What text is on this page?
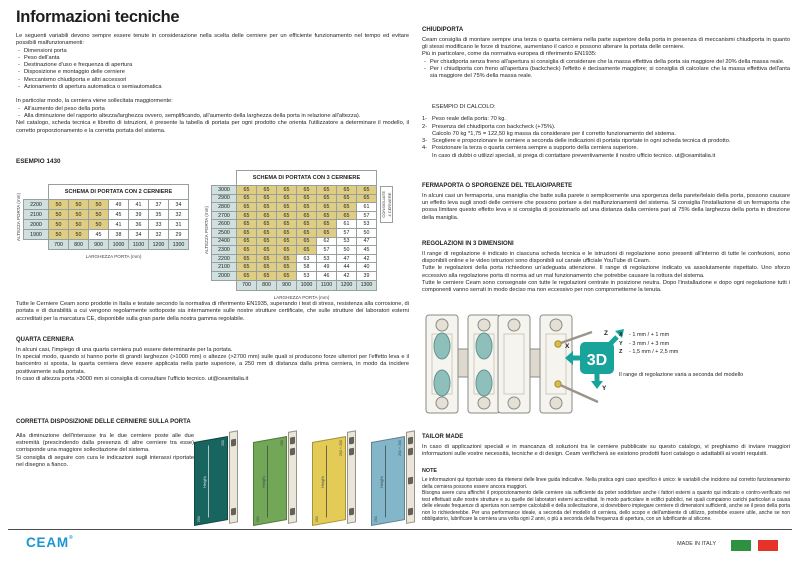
Informazioni tecniche
Le seguenti variabili devono sempre essere tenute in considerazione nella scelta delle cerniere per un efficiente funzionamento nel tempo ed evitare possibili malfunzionamenti:
- Dimensioni porta
- Peso dell'anta
- Destinazione d'uso e frequenza di apertura
- Disposizione e montaggio delle cerniere
- Meccanismo chiudiporta e altri accessori
- Azionamento di apertura automatica o semiautomatica
In particolar modo, la cerniera viene sollecitata maggiormente:
- All'aumento del peso della porta
- Alla diminuzione del rapporto altezza/larghezza ovvero, semplificando, all'aumento della larghezza della porta in relazione all'altezza).
Nel catalogo, scheda tecnica e libretto di istruzioni, è presente la tabella di portata per ogni prodotto che orienta l'utilizzatore a determinare il modello, il corretto proporzionamento e la corretta portata del sistema.
ESEMPIO 1430
ALTEZZA PORTA (mm)
	SCHEMA DI PORTATA CON 2 CERNIERE						
2200	50	50	50	49	41	37	34
2100	50	50	50	45	39	35	32
2000	50	50	50	41	36	33	31
1900	50	50	45	38	34	32	29
	700	800	900	1000	1100	1200	1300
LARGHEZZA PORTA (mm)
ALTEZZA PORTA (mm)
	SCHEMA DI PORTATA CON 3 CERNIERE						
3000	65	65	65	65	65	65	65
2900	65	65	65	65	65	65	65
2800	65	65	65	65	65	65	61
2700	65	65	65	65	65	65	57
2600	65	65	65	65	65	61	53
2500	65	65	65	65	65	57	50
2400	65	65	65	65	62	53	47
2300	65	65	65	65	57	50	45
2200	65	65	65	63	53	47	42
2100	65	65	65	58	49	44	40
2000	65	65	65	53	46	42	39
	700	800	900	1000	1100	1200	1300
CONSIGLIATE 4 CERNIERE
LARGHEZZA PORTA (mm)
Tutte le Cerniere Ceam sono prodotte in Italia e testate secondo la normativa di riferimento EN1935, superando i test di stress, resistenza alla corrosione, di portata e di durabilità a cui vengono regolarmente sottoposte sia internamente sulle nostre strutture certificate, che sulle strutture dei laboratori esterni accreditati per la marcatura CE, disponibile sulla gran parte della nostra gamma regolabile.
QUARTA CERNIERA
In alcuni casi, l'impiego di una quarta cerniera può essere determinante per la portata.
In special modo, quando si hanno porte di grandi larghezze (>1000 mm) o altezze (>2700 mm) sulle quali si producono forze ulteriori per l'effetto leva e il baricentro si sposta, la quarta cerniera deve essere applicata nella parte superiore, a 250 mm di distanza dalla prima cerniera, in modo da incidere positivamente sulla portata.
In caso di altezza porta >3000 mm si consiglia di consultare l'ufficio tecnico. ut@ceamitalia.it
CORRETTA DISPOSIZIONE DELLE CERNIERE SULLA PORTA
Alla diminuzione dell'interasse tra le due cerniere poste alle due estremità (prescindendo dalla presenza di altre cerniere tra esse) corrisponde una maggiore sollecitazione del sistema.
Si consiglia di seguire con cura le indicazioni sugli interassi riportate nel disegno a fianco.
Height
250
250
Height
250
250
Height
250 + 250
250
Height
250 + 250
250
CHIUDIPORTA
Ceam consiglia di montare sempre una terza o quarta cerniera nella parte superiore della porta in presenza di meccanismi chiudiporta in quanto gli stessi modificano le forze di trazione, aumentano il carico e possono alterare la portata delle cerniere.
Più in particolare, come da normativa europea di riferimento EN1935:
- Per chiudiporta senza freno all'apertura si consiglia di considerare che la massa effettiva della porta sia maggiore del 20% della massa reale.
- Per i chiudiporta con freno all'apertura (backcheck) l'effetto è decisamente maggiore; si consiglia di calcolare che la massa effettiva dell'anta sia maggiore del 75% della massa reale.
ESEMPIO DI CALCOLO:
1- Peso reale della porta: 70 kg.
2- Presenza del chiudiporta con backcheck (+75%).
Calcolo 70 kg *1,75 = 122,50 kg massa da considerare per il corretto funzionamento del sistema.
3- Scegliere e proporzionare le cerniere a seconda delle indicazioni di portata riportate in ogni scheda tecnica di prodotto.
4- Posizionare la terza o quarta cerniera sempre a supporto della cerniera superiore.
In caso di dubbi o utilizzi speciali, si prega di contattare preventivamente il nostro ufficio tecnico. ut@ceamitalia.it
FERMAPORTA O SPORGENZE DEL TELAIO/PARETE
In alcuni casi un fermaporta, una maniglia che batte sulla parete o semplicemente una sporgenza della parete/telaio della porta, possono causare un effetto leva sugli snodi delle cerniere che possono portare a dei malfunzionamenti del sistema. Si consiglia l'installazione di un fermaporta che possa limitare questo effetto leva e si consiglia di posizionarlo ad una distanza dalla cerniera pari al 75% della larghezza della porta in direzione della maniglia.
REGOLAZIONI IN 3 DIMENSIONI
Il range di regolazione è indicato in ciascuna scheda tecnica e le istruzioni di regolazione sono presenti all'interno di tutte le confezioni, sono disponibili online e le video istruzioni sono disponibili sul canale ufficiale YouTube di Ceam.
Tutte le regolazioni della porta richiedono un'adeguata attenzione. Il range di regolazione indicato va assolutamente rispettato. Uno sforzo eccessivo alla regolazione porta di norma ad un mal funzionamento che potrebbe causare la rottura del sistema.
Tutte le cerniere Ceam sono consegnate con tutte le regolazioni centrate in posizione neutra. Dopo l'installazione e dopo ogni regolazione tutti i componenti vanno serrati in modo deciso ma non eccessivo per non comprometterne la tenuta.
3D
Z
X
Y
X	- 1 mm / + 1 mm
Y	- 3 mm / + 3 mm
Z	- 1,5 mm / + 2,5 mm
Il range di regolazione varia a seconda del modello
TAILOR MADE
In caso di applicazioni speciali e in mancanza di soluzioni tra le cerniere pubblicate su questo catalogo, vi preghiamo di inviare maggiori informazioni sulle vostre necessità, tecniche e di design. Ceam verificherà se esistono prodotti fuori catalogo o adattabili ai vostri requisiti.
NOTE
Le informazioni qui riportate sono da ritenersi delle linee guida indicative. Nella pratica ogni caso specifico è unico: le variabili che incidono sul corretto funzionamento della cerniera possono essere ancora maggiori.
Bisogna avere cura affinché il proporzionamento delle cerniere sia sufficiente da poter soddisfare anche i fattori esterni a quanto qui indicato e contro-verificato nei test effettuati sulle nostre strutture e su quelle dei laboratori esterni accreditati. In modo particolare in edifici pubblici, nei quali compaiono carichi particolari a causa delle elevate frequenze di apertura non sempre calcolabili e della sollecitazione, si dovrebbero impiegare cerniere di dimensioni sufficienti, anche se il peso della porta non lo richiederebbe. Per una performance ideale, a seconda del modello di cerniera, dello scopo e dell'ambiente di utilizzo, potrebbe essere utile, anche se non obbligatorio, lubrificare la cerniera una volta ogni 2 anni, o più a seconda della frequenza di apertura, con un lubrificante al silicone.
CEAM®
MADE IN ITALY
